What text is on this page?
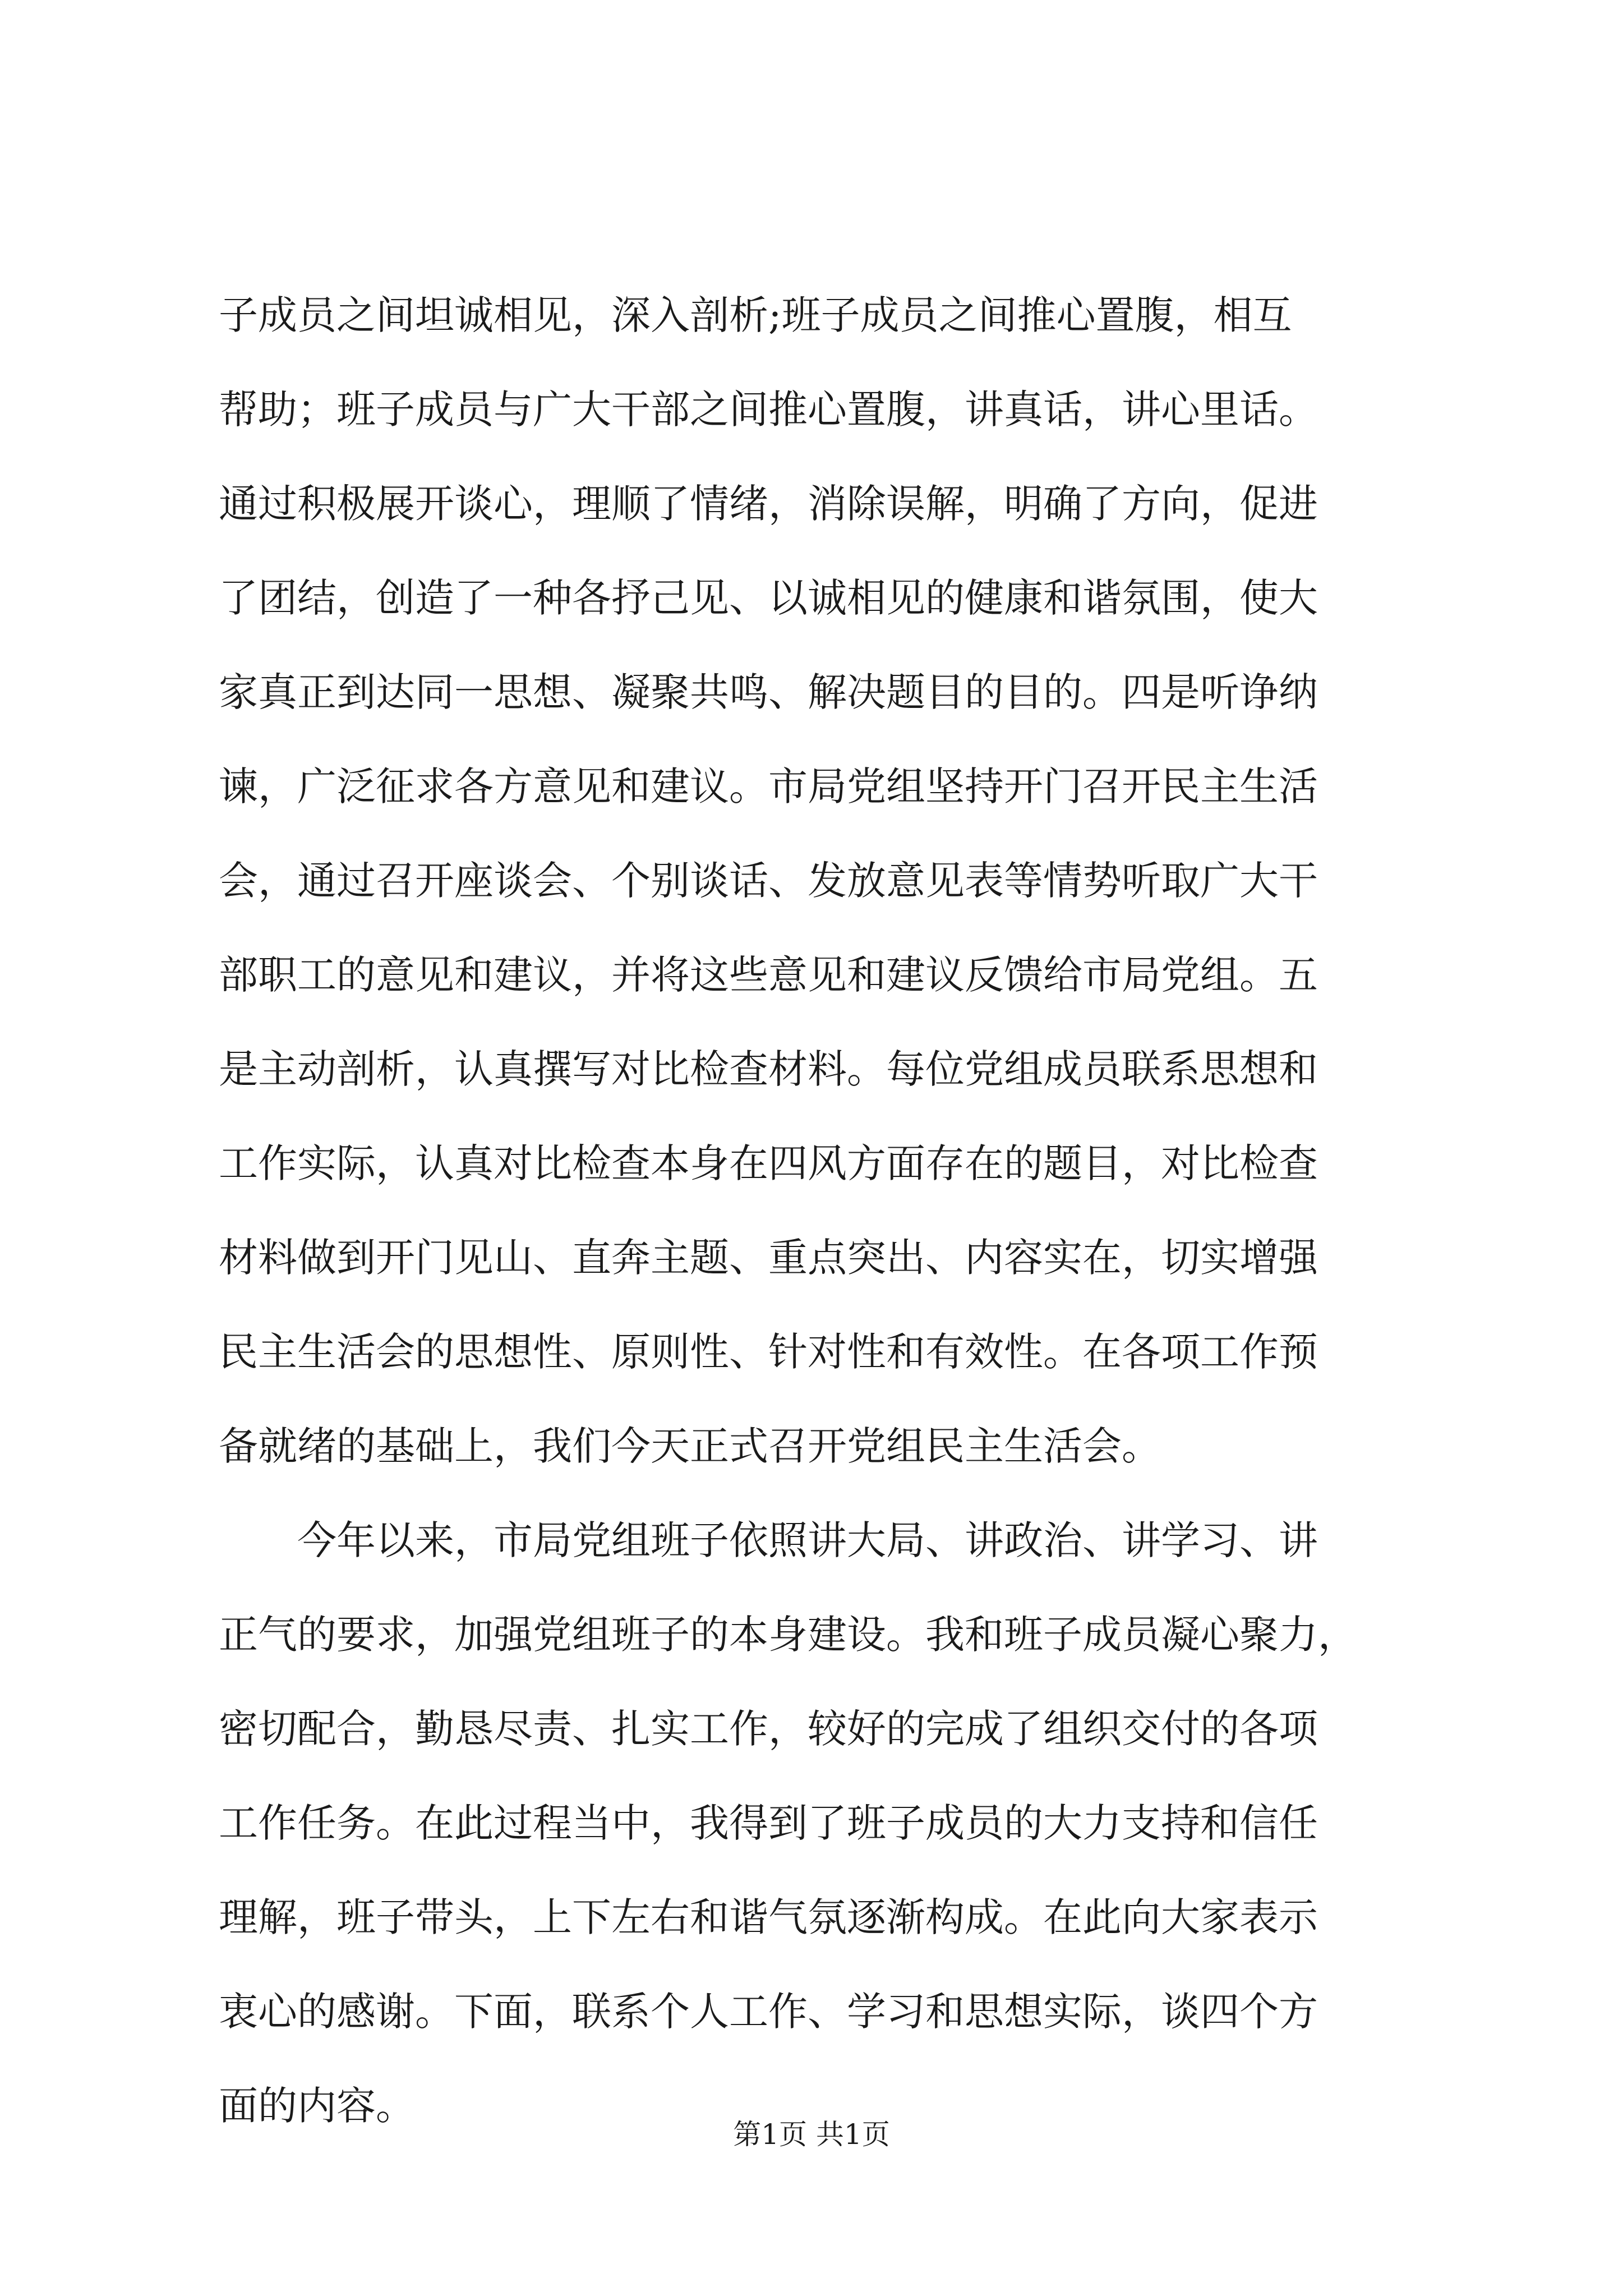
子成员之间坦诚相见，深入剖析;班子成员之间推心置腹，相互
帮助；班子成员与广大干部之间推心置腹，讲真话，讲心里话。
通过积极展开谈心，理顺了情绪，消除误解，明确了方向，促进
了团结，创造了一种各抒己见、以诚相见的健康和谐氛围，使大
家真正到达同一思想、凝聚共鸣、解决题目的目的。四是听诤纳
谏，广泛征求各方意见和建议。市局党组坚持开门召开民主生活
会，通过召开座谈会、个别谈话、发放意见表等情势听取广大干
部职工的意见和建议，并将这些意见和建议反馈给市局党组。五
是主动剖析，认真撰写对比检查材料。每位党组成员联系思想和
工作实际，认真对比检查本身在四风方面存在的题目，对比检查
材料做到开门见山、直奔主题、重点突出、内容实在，切实增强
民主生活会的思想性、原则性、针对性和有效性。在各项工作预
备就绪的基础上，我们今天正式召开党组民主生活会。

　　今年以来，市局党组班子依照讲大局、讲政治、讲学习、讲
正气的要求，加强党组班子的本身建设。我和班子成员凝心聚力，
密切配合，勤恳尽责、扎实工作，较好的完成了组织交付的各项
工作任务。在此过程当中，我得到了班子成员的大力支持和信任
理解，班子带头，上下左右和谐气氛逐渐构成。在此向大家表示
衷心的感谢。下面，联系个人工作、学习和思想实际，谈四个方
面的内容。

第1页 共1页
